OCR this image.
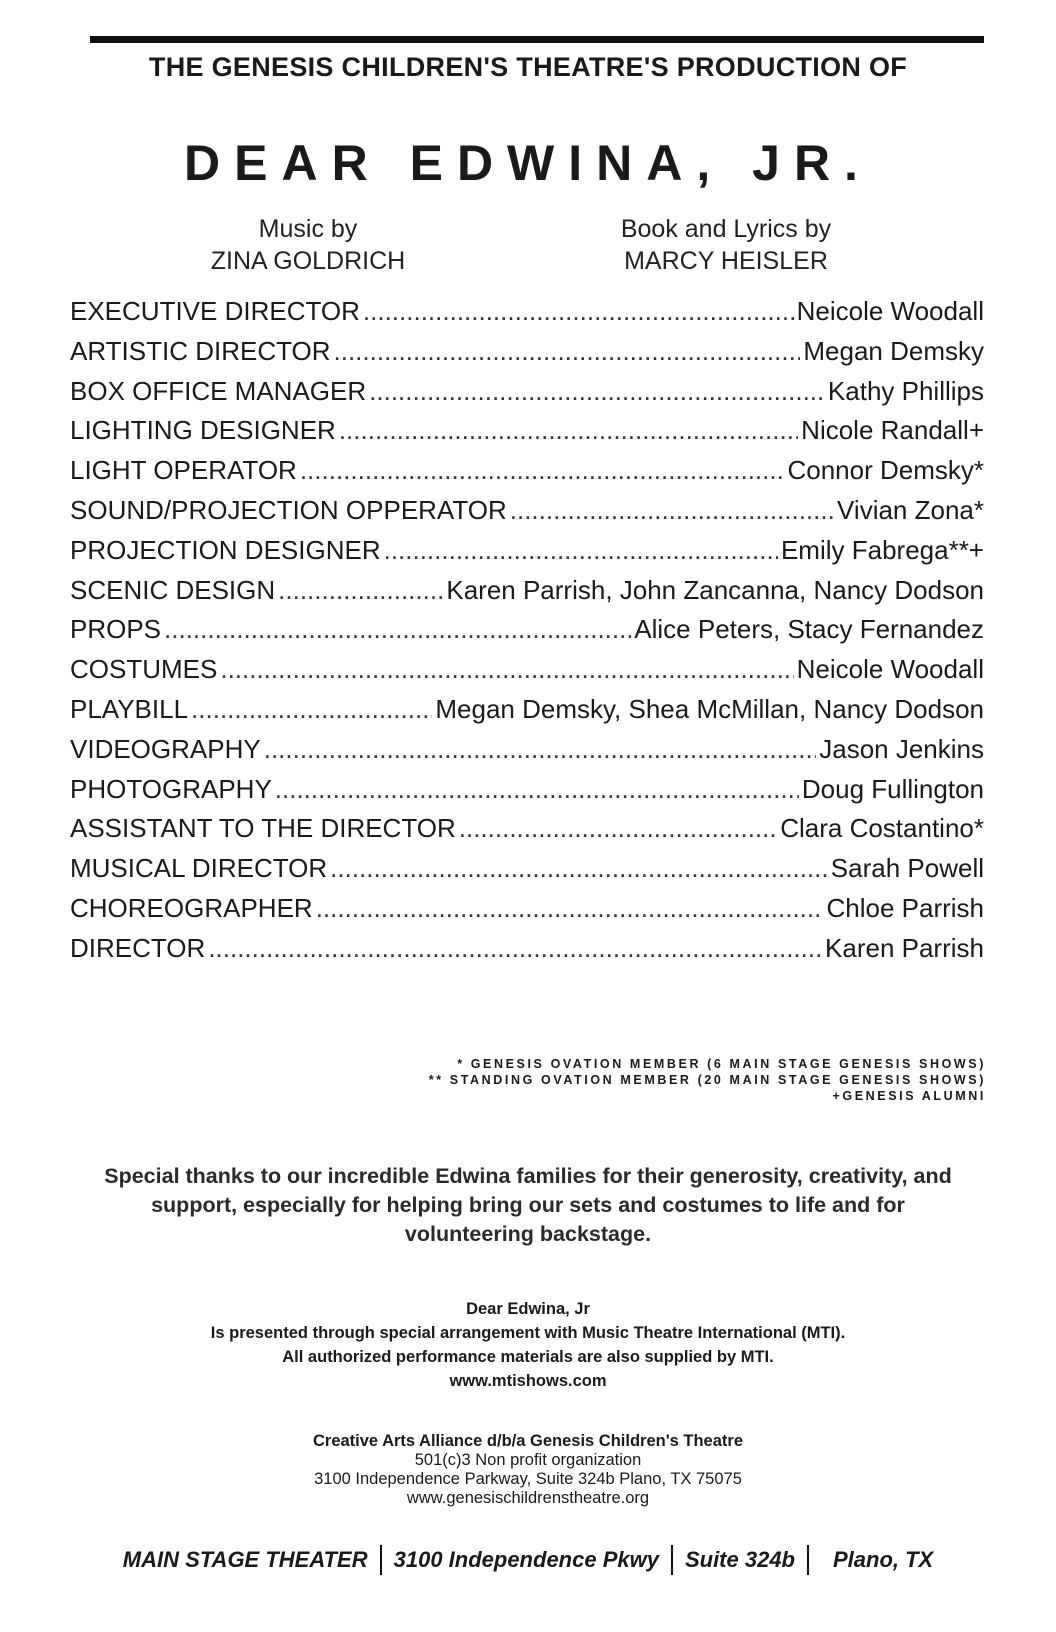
THE GENESIS CHILDREN'S THEATRE'S PRODUCTION OF
DEAR EDWINA, JR.
Music by
ZINA GOLDRICH
Book and Lyrics by
MARCY HEISLER
EXECUTIVE DIRECTOR .....	Neicole Woodall
ARTISTIC DIRECTOR .....	Megan Demsky
BOX OFFICE MANAGER .....	Kathy Phillips
LIGHTING DESIGNER .....	Nicole Randall+
LIGHT OPERATOR .....	Connor Demsky*
SOUND/PROJECTION OPPERATOR .....	Vivian Zona*
PROJECTION DESIGNER .....	Emily Fabrega**+
SCENIC DESIGN .....	Karen Parrish, John Zancanna, Nancy Dodson
PROPS .....	Alice Peters, Stacy Fernandez
COSTUMES .....	Neicole Woodall
PLAYBILL .....	Megan Demsky, Shea McMillan, Nancy Dodson
VIDEOGRAPHY .....	Jason Jenkins
PHOTOGRAPHY .....	Doug Fullington
ASSISTANT TO THE DIRECTOR .....	Clara Costantino*
MUSICAL DIRECTOR .....	Sarah Powell
CHOREOGRAPHER .....	Chloe Parrish
DIRECTOR .....	Karen Parrish
* GENESIS OVATION MEMBER (6 MAIN STAGE GENESIS SHOWS)
** STANDING OVATION MEMBER (20 MAIN STAGE GENESIS SHOWS)
+GENESIS ALUMNI
Special thanks to our incredible Edwina families for their generosity, creativity, and support, especially for helping bring our sets and costumes to life and for volunteering backstage.
Dear Edwina, Jr
Is presented through special arrangement with Music Theatre International (MTI).
All authorized performance materials are also supplied by MTI.
www.mtishows.com
Creative Arts Alliance d/b/a Genesis Children's Theatre
501(c)3 Non profit organization
3100 Independence Parkway, Suite 324b Plano, TX 75075
www.genesischildrenstheatre.org
MAIN STAGE THEATER 3100 Independence Pkwy Suite 324b Plano, TX
